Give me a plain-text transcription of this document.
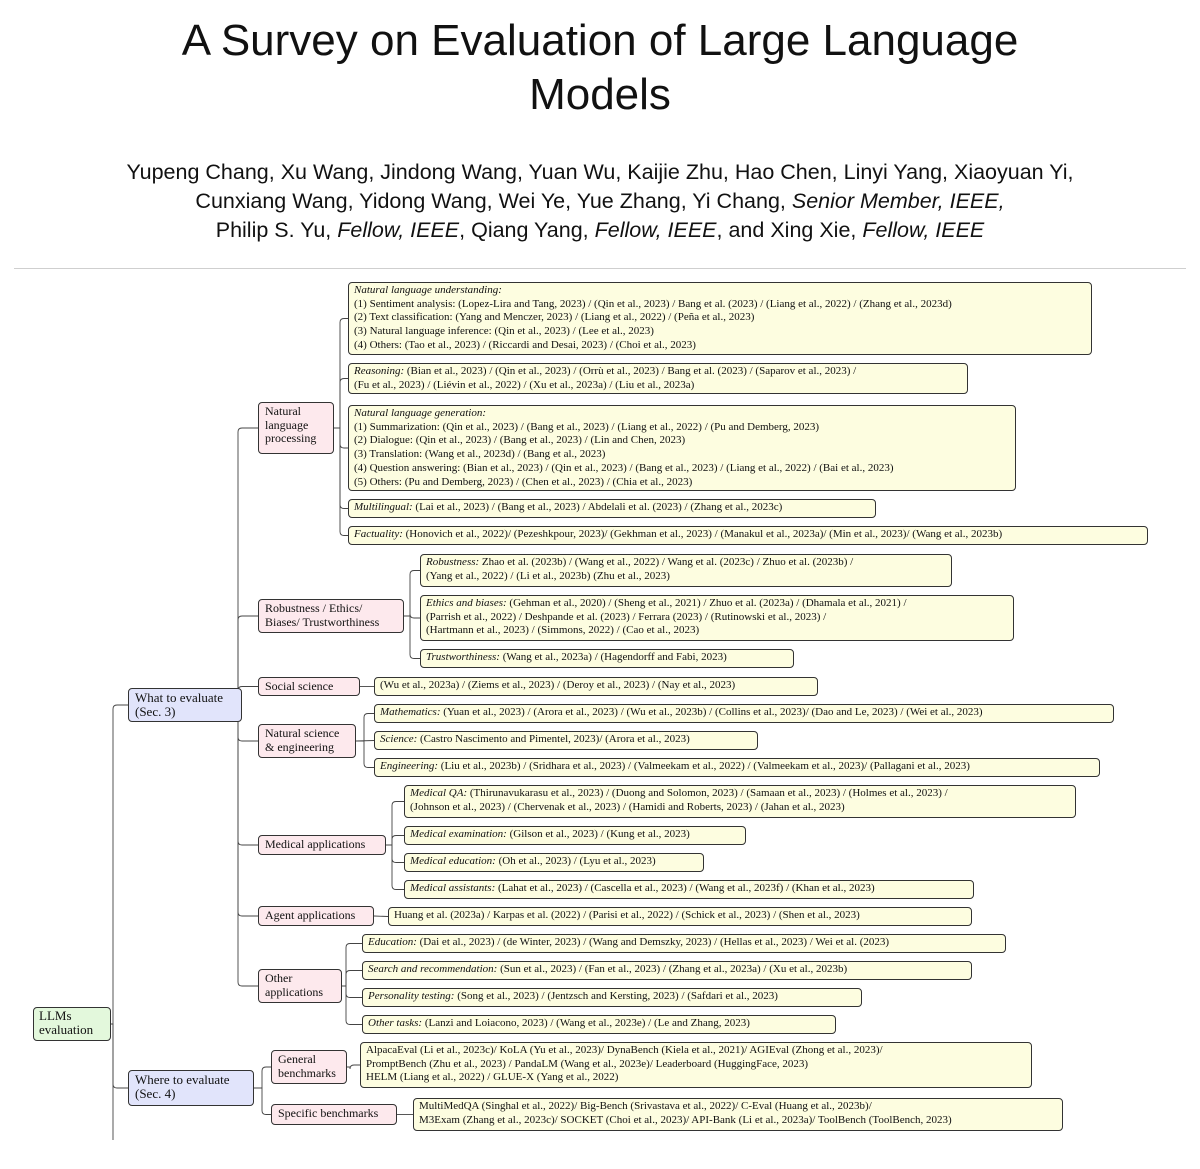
A Survey on Evaluation of Large Language
Models
Yupeng Chang, Xu Wang, Jindong Wang, Yuan Wu, Kaijie Zhu, Hao Chen, Linyi Yang, Xiaoyuan Yi,
Cunxiang Wang, Yidong Wang, Wei Ye, Yue Zhang, Yi Chang, Senior Member, IEEE,
Philip S. Yu, Fellow, IEEE, Qiang Yang, Fellow, IEEE, and Xing Xie, Fellow, IEEE
LLMs
evaluation
What to evaluate
(Sec. 3)
Where to evaluate
(Sec. 4)
Natural
language
processing
Robustness / Ethics/
Biases/ Trustworthiness
Social science
Natural science
& engineering
Medical applications
Agent applications
Other
applications
General
benchmarks
Specific benchmarks
Natural language understanding:
(1) Sentiment analysis: (Lopez-Lira and Tang, 2023) / (Qin et al., 2023) / Bang et al. (2023) / (Liang et al., 2022) / (Zhang et al., 2023d)
(2) Text classification: (Yang and Menczer, 2023) / (Liang et al., 2022) / (Peña et al., 2023)
(3) Natural language inference: (Qin et al., 2023) / (Lee et al., 2023)
(4) Others: (Tao et al., 2023) / (Riccardi and Desai, 2023) / (Choi et al., 2023)
Reasoning: (Bian et al., 2023) / (Qin et al., 2023) / (Orrù et al., 2023) / Bang et al. (2023) / (Saparov et al., 2023) /
(Fu et al., 2023) / (Liévin et al., 2022) / (Xu et al., 2023a) / (Liu et al., 2023a)
Natural language generation:
(1) Summarization: (Qin et al., 2023) / (Bang et al., 2023) / (Liang et al., 2022) / (Pu and Demberg, 2023)
(2) Dialogue: (Qin et al., 2023) / (Bang et al., 2023) / (Lin and Chen, 2023)
(3) Translation: (Wang et al., 2023d) / (Bang et al., 2023)
(4) Question answering: (Bian et al., 2023) / (Qin et al., 2023) / (Bang et al., 2023) / (Liang et al., 2022) / (Bai et al., 2023)
(5) Others: (Pu and Demberg, 2023) / (Chen et al., 2023) / (Chia et al., 2023)
Multilingual: (Lai et al., 2023) / (Bang et al., 2023) / Abdelali et al. (2023) / (Zhang et al., 2023c)
Factuality: (Honovich et al., 2022)/ (Pezeshkpour, 2023)/ (Gekhman et al., 2023) / (Manakul et al., 2023a)/ (Min et al., 2023)/ (Wang et al., 2023b)
Robustness: Zhao et al. (2023b) / (Wang et al., 2022) / Wang et al. (2023c) / Zhuo et al. (2023b) /
(Yang et al., 2022) / (Li et al., 2023b) (Zhu et al., 2023)
Ethics and biases: (Gehman et al., 2020) / (Sheng et al., 2021) / Zhuo et al. (2023a) / (Dhamala et al., 2021) /
(Parrish et al., 2022) / Deshpande et al. (2023) / Ferrara (2023) / (Rutinowski et al., 2023) /
(Hartmann et al., 2023) / (Simmons, 2022) / (Cao et al., 2023)
Trustworthiness: (Wang et al., 2023a) / (Hagendorff and Fabi, 2023)
(Wu et al., 2023a) / (Ziems et al., 2023) / (Deroy et al., 2023) / (Nay et al., 2023)
Mathematics: (Yuan et al., 2023) / (Arora et al., 2023) / (Wu et al., 2023b) / (Collins et al., 2023)/ (Dao and Le, 2023) / (Wei et al., 2023)
Science: (Castro Nascimento and Pimentel, 2023)/ (Arora et al., 2023)
Engineering: (Liu et al., 2023b) / (Sridhara et al., 2023) / (Valmeekam et al., 2022) / (Valmeekam et al., 2023)/ (Pallagani et al., 2023)
Medical QA: (Thirunavukarasu et al., 2023) / (Duong and Solomon, 2023) / (Samaan et al., 2023) / (Holmes et al., 2023) /
(Johnson et al., 2023) / (Chervenak et al., 2023) / (Hamidi and Roberts, 2023) / (Jahan et al., 2023)
Medical examination: (Gilson et al., 2023) / (Kung et al., 2023)
Medical education: (Oh et al., 2023) / (Lyu et al., 2023)
Medical assistants: (Lahat et al., 2023) / (Cascella et al., 2023) / (Wang et al., 2023f) / (Khan et al., 2023)
Huang et al. (2023a) / Karpas et al. (2022) / (Parisi et al., 2022) / (Schick et al., 2023) / (Shen et al., 2023)
Education: (Dai et al., 2023) / (de Winter, 2023) / (Wang and Demszky, 2023) / (Hellas et al., 2023) / Wei et al. (2023)
Search and recommendation: (Sun et al., 2023) / (Fan et al., 2023) / (Zhang et al., 2023a) / (Xu et al., 2023b)
Personality testing: (Song et al., 2023) / (Jentzsch and Kersting, 2023) / (Safdari et al., 2023)
Other tasks: (Lanzi and Loiacono, 2023) / (Wang et al., 2023e) / (Le and Zhang, 2023)
AlpacaEval (Li et al., 2023c)/ KoLA (Yu et al., 2023)/ DynaBench (Kiela et al., 2021)/ AGIEval (Zhong et al., 2023)/
PromptBench (Zhu et al., 2023) / PandaLM (Wang et al., 2023e)/ Leaderboard (HuggingFace, 2023)
HELM (Liang et al., 2022) / GLUE-X (Yang et al., 2022)
MultiMedQA (Singhal et al., 2022)/ Big-Bench (Srivastava et al., 2022)/ C-Eval (Huang et al., 2023b)/
M3Exam (Zhang et al., 2023c)/ SOCKET (Choi et al., 2023)/ API-Bank (Li et al., 2023a)/ ToolBench (ToolBench, 2023)
